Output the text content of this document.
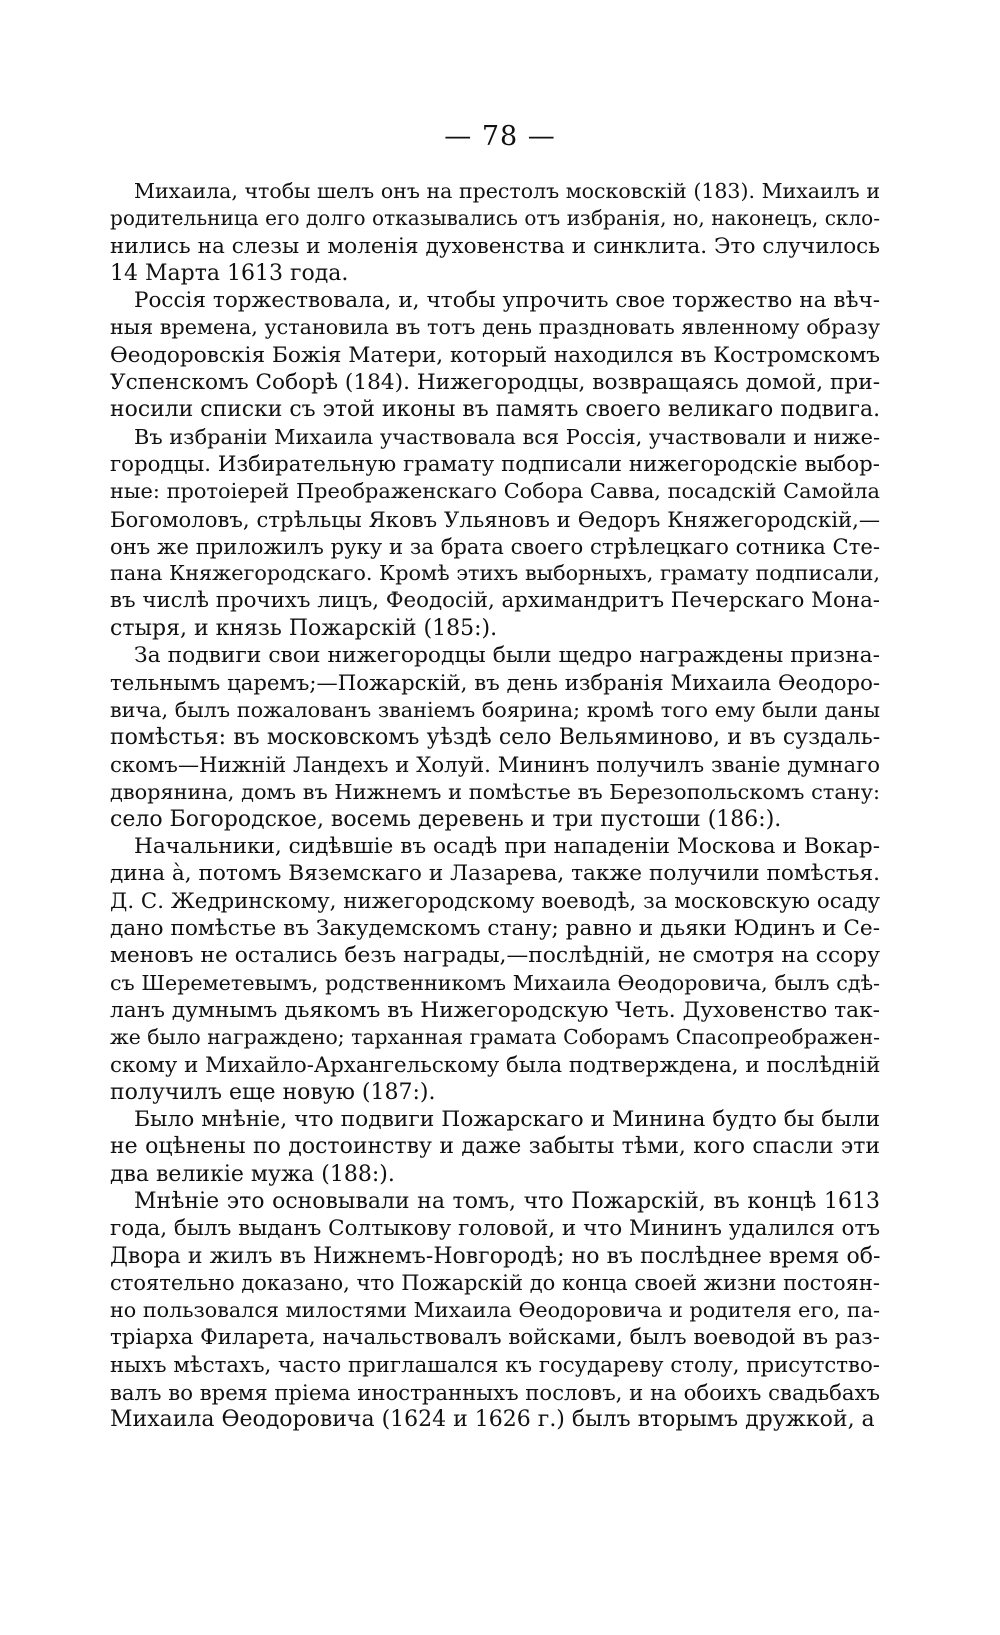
— 78 —
Михаила, чтобы шелъ онъ на престолъ московскій (183). Михаилъ и
родительница его долго отказывались отъ избранія, но, наконецъ, скло-
нились на слезы и моленія духовенства и синклита. Это случилось
14 Марта 1613 года.
Россія торжествовала, и, чтобы упрочить свое торжество на вѣч-
ныя времена, установила въ тотъ день праздновать явленному образу
Ѳеодоровскія Божія Матери, который находился въ Костромскомъ
Успенскомъ Соборѣ (184). Нижегородцы, возвращаясь домой, при-
носили списки съ этой иконы въ память своего великаго подвига.
Въ избраніи Михаила участвовала вся Россія, участвовали и нижe-
городцы. Избирательную грамату подписали нижегородскіе выбор-
ные: протоіерей Преображенскаго Собора Савва, посадскій Самойла
Богомоловъ, стрѣльцы Яковъ Ульяновъ и Ѳедоръ Княжегородскій,—
онъ же приложилъ руку и за брата своего стрѣлецкаго сотника Сте-
пана Княжегородскаго. Кромѣ этихъ выборныхъ, грамату подписали,
въ числѣ прочихъ лицъ, Феодосій, архимандритъ Печерскаго Мона-
стыря, и князь Пожарскій (185:).
За подвиги свои нижегородцы были щедро награждены призна-
тельнымъ царемъ;—Пожарскій, въ день избранія Михаила Ѳеодоро-
вича, былъ пожалованъ званіемъ боярина; кромѣ того ему были даны
помѣстья: въ московскомъ уѣздѣ село Вельяминово, и въ суздаль-
скомъ—Нижній Ландехъ и Холуй. Мининъ получилъ званіе думнаго
дворянина, домъ въ Нижнемъ и помѣстье въ Березопольскомъ стану:
село Богородское, восемь деревень и три пустоши (186:).
Начальники, сидѣвшіе въ осадѣ при нападеніи Москова и Вокар-
дина а̀, потомъ Вяземскаго и Лазарева, также получили помѣстья.
Д. С. Жедринскому, нижегородскому воеводѣ, за московскую осаду
дано помѣстье въ Закудемскомъ стану; равно и дьяки Юдинъ и Се-
меновъ не остались безъ награды,—послѣдній, не смотря на ссору
съ Шереметевымъ, родственникомъ Михаила Ѳеодоровича, былъ сдѣ-
ланъ думнымъ дьякомъ въ Нижегородскую Четь. Духовенство так-
же было награждено; тарханная грамата Соборамъ Спасопреображен-
скому и Михайло-Архангельскому была подтверждена, и послѣдній
получилъ еще новую (187:).
Было мнѣніе, что подвиги Пожарскаго и Минина будто бы были
не оцѣнены по достоинству и даже забыты тѣми, кого спасли эти
два великіе мужа (188:).
Мнѣніе это основывали на томъ, что Пожарскій, въ концѣ 1613
года, былъ выданъ Солтыкову головой, и что Мининъ удалился отъ
Двора и жилъ въ Нижнемъ-Новгородѣ; но въ послѣднее время об-
стоятельно доказано, что Пожарскій до конца своей жизни постоян-
но пользовался милостями Михаила Ѳеодоровича и родителя его, па-
тріарха Филарета, начальствовалъ войсками, былъ воеводой въ раз-
ныхъ мѣстахъ, часто приглашался къ государеву столу, присутство-
валъ во время пріема иностранныхъ пословъ, и на обоихъ свадьбахъ
Михаила Ѳеодоровича (1624 и 1626 г.) былъ вторымъ дружкой, а
